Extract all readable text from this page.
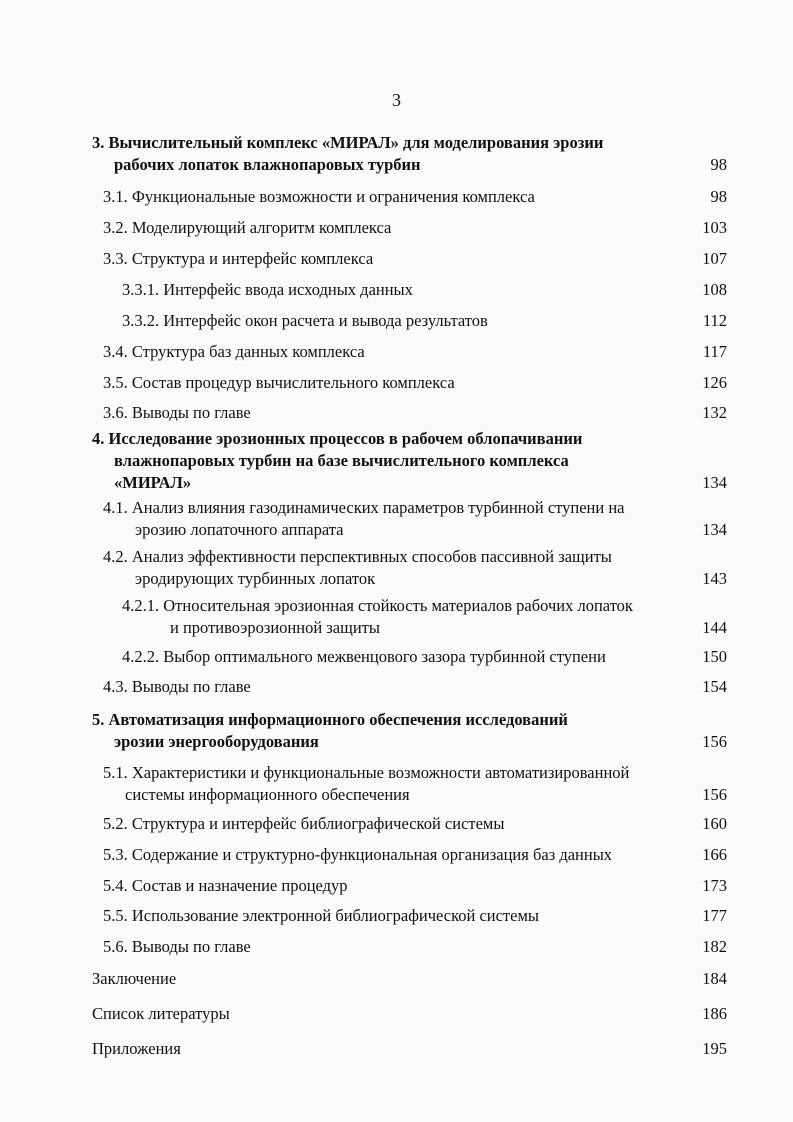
3
3. Вычислительный комплекс «МИРАЛ» для моделирования эрозии
рабочих лопаток влажнопаровых турбин	98
3.1. Функциональные возможности и ограничения комплекса	98
3.2. Моделирующий алгоритм комплекса	103
3.3. Структура и интерфейс комплекса	107
3.3.1. Интерфейс ввода исходных данных	108
3.3.2. Интерфейс окон расчета и вывода результатов	112
3.4. Структура баз данных комплекса	117
3.5. Состав процедур вычислительного комплекса	126
3.6. Выводы по главе	132
4. Исследование эрозионных процессов в рабочем облопачивании
влажнопаровых турбин на базе вычислительного комплекса
«МИРАЛ»	134
4.1. Анализ влияния газодинамических параметров турбинной ступени на
эрозию лопаточного аппарата	134
4.2. Анализ эффективности перспективных способов пассивной защиты
эродирующих турбинных лопаток	143
4.2.1. Относительная эрозионная стойкость материалов рабочих лопаток
и противоэрозионной защиты	144
4.2.2. Выбор оптимального межвенцового зазора турбинной ступени	150
4.3. Выводы по главе	154
5. Автоматизация информационного обеспечения исследований
эрозии энергооборудования	156
5.1. Характеристики и функциональные возможности автоматизированной
системы информационного обеспечения	156
5.2. Структура и интерфейс библиографической системы	160
5.3. Содержание и структурно-функциональная организация баз данных	166
5.4. Состав и назначение процедур	173
5.5. Использование электронной библиографической системы	177
5.6. Выводы по главе	182
Заключение	184
Список литературы	186
Приложения	195
